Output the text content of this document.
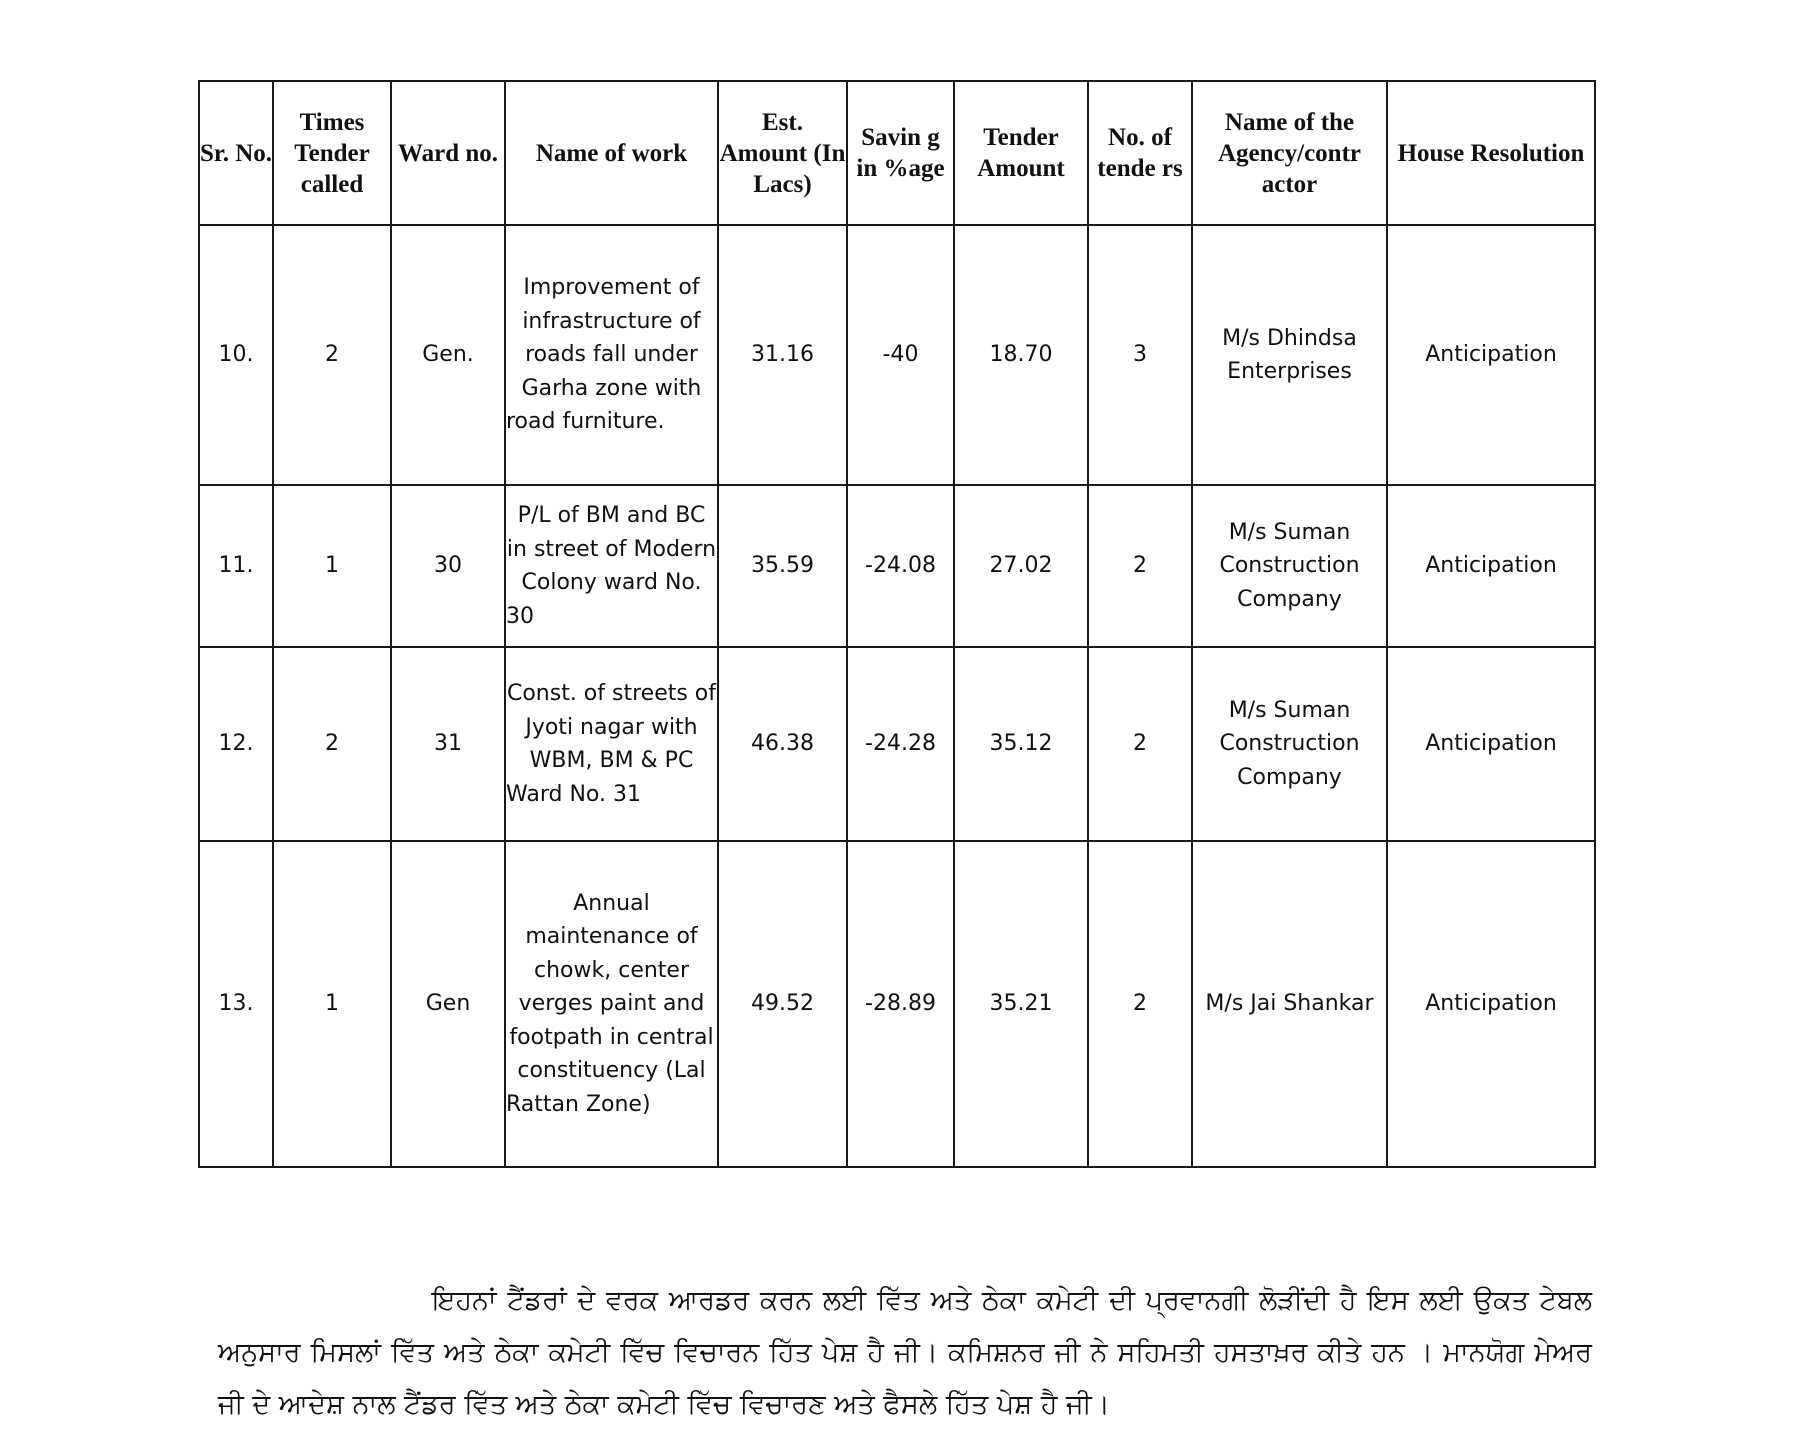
Sr. No.	Times Tender called	Ward no.	Name of work	Est. Amount (In Lacs)	Savin g in %age	Tender Amount	No. of tende rs	Name of the Agency/contr actor	House Resolution
10.	2	Gen.	Improvement of infrastructure of roads fall under Garha zone with road furniture.	31.16	-40	18.70	3	M/s Dhindsa Enterprises	Anticipation
11.	1	30	P/L of BM and BC in street of Modern Colony ward No. 30	35.59	-24.08	27.02	2	M/s Suman Construction Company	Anticipation
12.	2	31	Const. of streets of Jyoti nagar with WBM, BM & PC Ward No. 31	46.38	-24.28	35.12	2	M/s Suman Construction Company	Anticipation
13.	1	Gen	Annual maintenance of chowk, center verges paint and footpath in central constituency (Lal Rattan Zone)	49.52	-28.89	35.21	2	M/s Jai Shankar	Anticipation

ਇਹਨਾਂ ਟੈਂਡਰਾਂ ਦੇ ਵਰਕ ਆਰਡਰ ਕਰਨ ਲਈ ਵਿੱਤ ਅਤੇ ਠੇਕਾ ਕਮੇਟੀ ਦੀ ਪ੍ਰਵਾਨਗੀ ਲੋੜੀਂਦੀ ਹੈ ਇਸ ਲਈ ਉਕਤ ਟੇਬਲ ਅਨੁਸਾਰ ਮਿਸਲਾਂ ਵਿੱਤ ਅਤੇ ਠੇਕਾ ਕਮੇਟੀ ਵਿੱਚ ਵਿਚਾਰਨ ਹਿੱਤ ਪੇਸ਼ ਹੈ ਜੀ। ਕਮਿਸ਼ਨਰ ਜੀ ਨੇ ਸਹਿਮਤੀ ਹਸਤਾਖ਼ਰ ਕੀਤੇ ਹਨ । ਮਾਨਯੋਗ ਮੇਅਰ ਜੀ ਦੇ ਆਦੇਸ਼ ਨਾਲ ਟੈਂਡਰ ਵਿੱਤ ਅਤੇ ਠੇਕਾ ਕਮੇਟੀ ਵਿੱਚ ਵਿਚਾਰਣ ਅਤੇ ਫੈਸਲੇ ਹਿੱਤ ਪੇਸ਼ ਹੈ ਜੀ।
